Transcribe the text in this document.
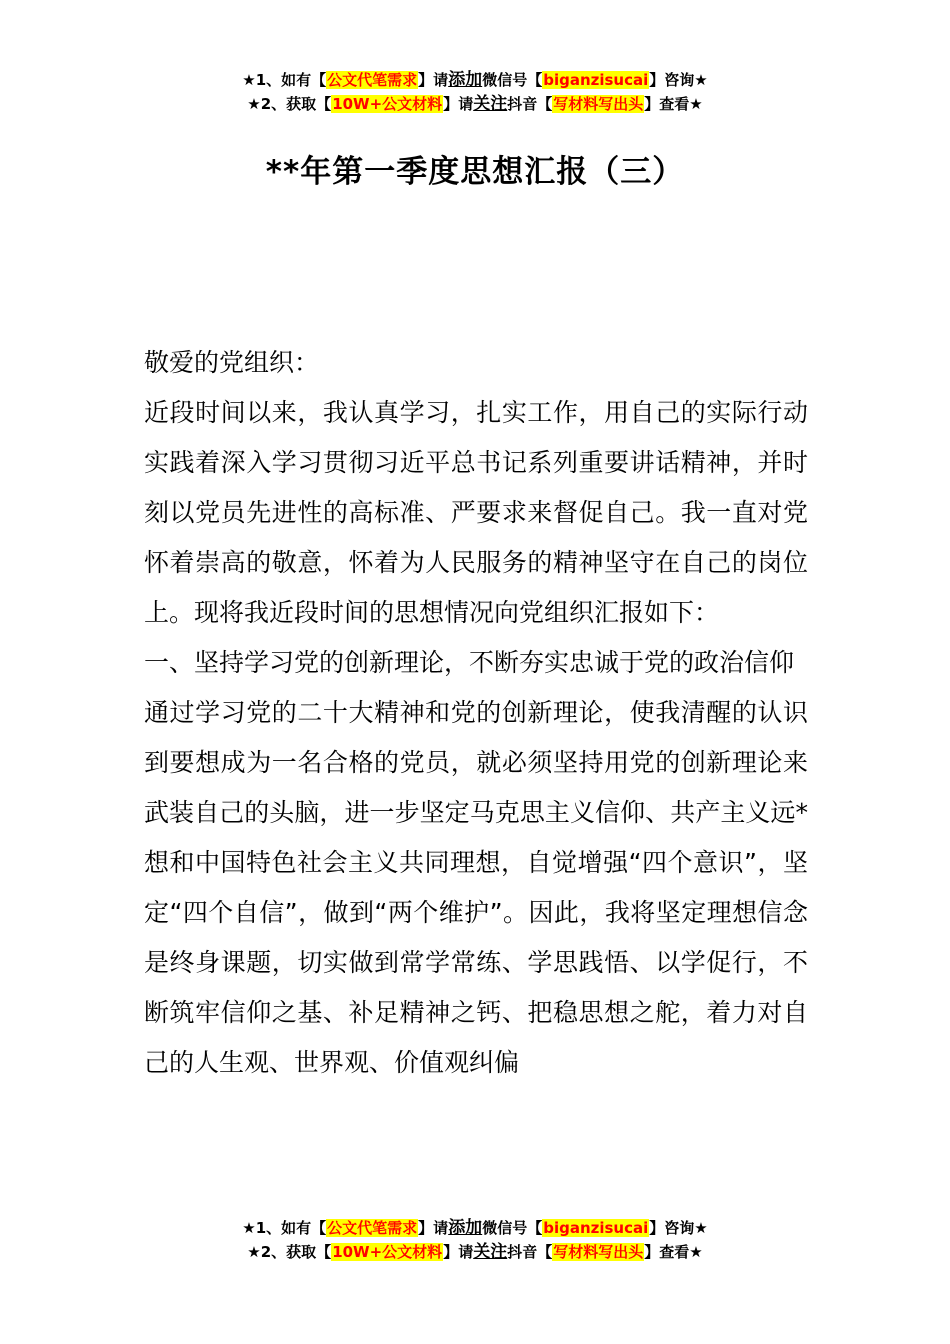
★1、如有【公文代笔需求】请添加微信号【biganzisucai】咨询★
★2、获取【10W+公文材料】请关注抖音【写材料写出头】查看★
**年第一季度思想汇报（三）

敬爱的党组织：

近段时间以来，我认真学习，扎实工作，用自己的实际行动实践着深入学习贯彻习近平总书记系列重要讲话精神，并时刻以党员先进性的高标准、严要求来督促自己。我一直对党怀着崇高的敬意，怀着为人民服务的精神坚守在自己的岗位上。现将我近段时间的思想情况向党组织汇报如下：

一、坚持学习党的创新理论，不断夯实忠诚于党的政治信仰

通过学习党的二十大精神和党的创新理论，使我清醒的认识到要想成为一名合格的党员，就必须坚持用党的创新理论来武装自己的头脑，进一步坚定马克思主义信仰、共产主义远*想和中国特色社会主义共同理想，自觉增强“四个意识”，坚定“四个自信”，做到“两个维护”。因此，我将坚定理想信念是终身课题，切实做到常学常练、学思践悟、以学促行，不断筑牢信仰之基、补足精神之钙、把稳思想之舵，着力对自己的人生观、世界观、价值观纠偏

★1、如有【公文代笔需求】请添加微信号【biganzisucai】咨询★
★2、获取【10W+公文材料】请关注抖音【写材料写出头】查看★
